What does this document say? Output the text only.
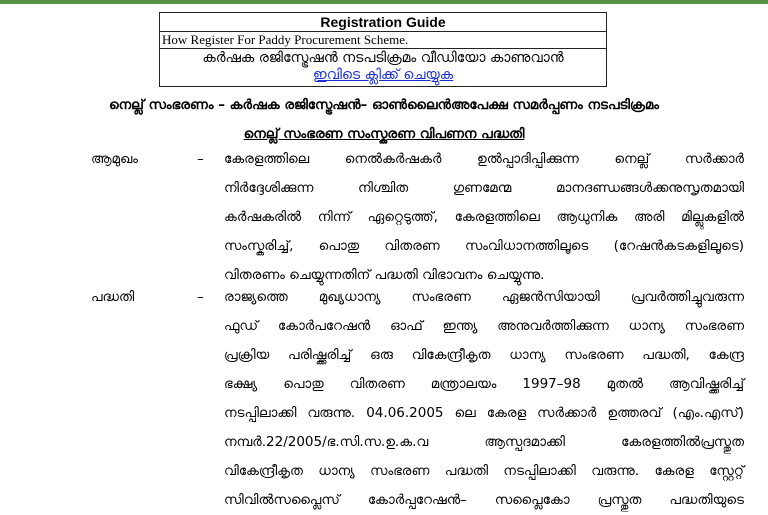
Registration Guide
How Register For Paddy Procurement Scheme.
കർഷക രജിസ്ട്രേഷൻ നടപടിക്രമം വീഡിയോ കാണുവാൻ
ഇവിടെ ക്ലിക്ക് ചെയ്യുക
നെല്ല് സംഭരണം – കർഷക രജിസ്ട്രേഷൻ– ഓൺലൈൻഅപേക്ഷ സമർപ്പണം നടപടിക്രമം
നെല്ല് സംഭരണ സംസ്കരണ വിപണന പദ്ധതി
ആമുഖം	– കേരളത്തിലെ നെൽകർഷകർ ഉൽപ്പാദിപ്പിക്കുന്ന നെല്ല് സർക്കാർ
നിർദ്ദേശിക്കുന്ന നിശ്ചിത ഗുണമേന്മ മാനദണ്ഡങ്ങൾക്കനുസൃതമായി
കർഷകരിൽ നിന്ന് ഏറ്റെടുത്ത്, കേരളത്തിലെ ആധുനിക അരി മില്ലുകളിൽ
സംസ്കരിച്ച്, പൊതു വിതരണ സംവിധാനത്തിലൂടെ (റേഷൻകടകളിലൂടെ)
വിതരണം ചെയ്യുന്നതിന് പദ്ധതി വിഭാവനം ചെയ്യുന്നു.
പദ്ധതി	– രാജ്യത്തെ മുഖ്യധാന്യ സംഭരണ ഏജൻസിയായി പ്രവർത്തിച്ചുവരുന്ന
ഫുഡ് കോർപറേഷൻ ഓഫ് ഇന്ത്യ അനുവർത്തിക്കുന്ന ധാന്യ സംഭരണ
പ്രക്രിയ പരിഷ്ക്കരിച്ച് ഒരു വികേന്ദ്രീകൃത ധാന്യ സംഭരണ പദ്ധതി, കേന്ദ്ര
ഭക്ഷ്യ പൊതു വിതരണ മന്ത്രാലയം 1997–98 മുതൽ ആവിഷ്ക്കരിച്ച്
നടപ്പിലാക്കി വരുന്നു. 04.06.2005 ലെ കേരള സർക്കാർ ഉത്തരവ് (എം.എസ്)
നമ്പർ.22/2005/ഭ.സി.സ.ഉ.ക.വ ആസ്പദമാക്കി കേരളത്തിൽപ്രസ്തുത
വികേന്ദ്രീകൃത ധാന്യ സംഭരണ പദ്ധതി നടപ്പിലാക്കി വരുന്നു. കേരള സ്റ്റേറ്റ്
സിവിൽസപ്ലൈസ് കോർപ്പറേഷൻ– സപ്ലൈകോ പ്രസ്തുത പദ്ധതിയുടെ
